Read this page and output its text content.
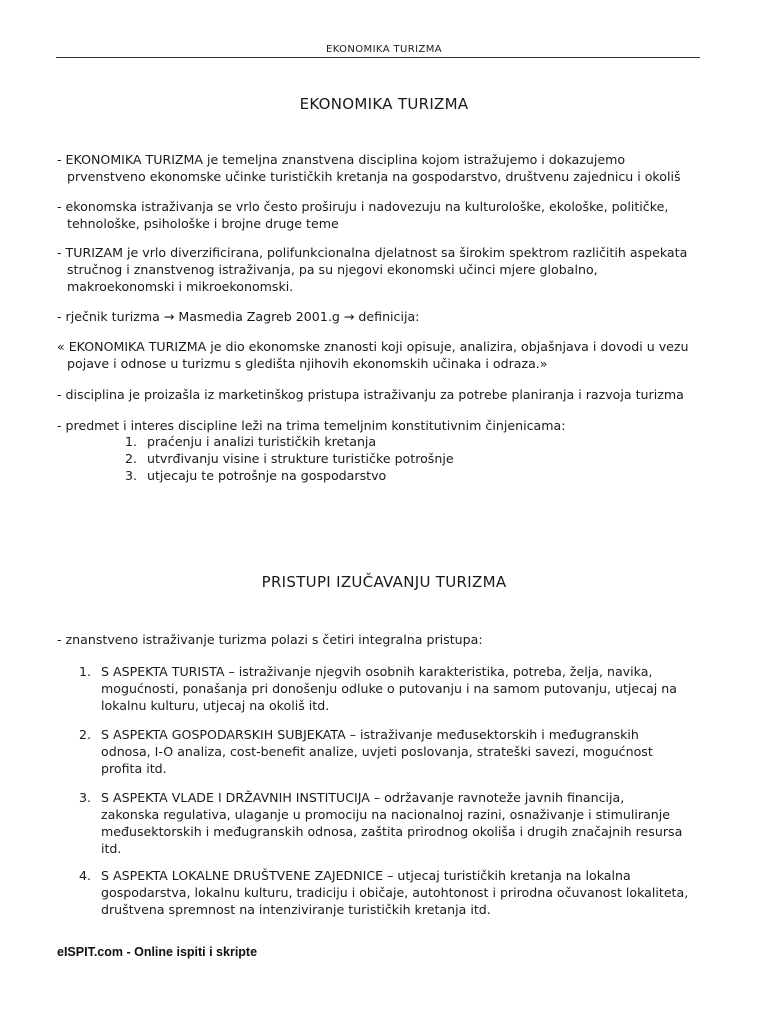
EKONOMIKA TURIZMA
EKONOMIKA TURIZMA
- EKONOMIKA TURIZMA je temeljna znanstvena disciplina kojom istražujemo i dokazujemo
prvenstveno ekonomske učinke turističkih kretanja na gospodarstvo, društvenu zajednicu i okoliš
- ekonomska istraživanja se vrlo često proširuju i nadovezuju na kulturološke, ekološke, političke,
tehnološke, psihološke i brojne druge teme
- TURIZAM je vrlo diverzificirana, polifunkcionalna djelatnost sa širokim spektrom različitih aspekata
stručnog i znanstvenog istraživanja, pa su njegovi ekonomski učinci mjere globalno,
makroekonomski i mikroekonomski.
- rječnik turizma → Masmedia Zagreb 2001.g → definicija:
« EKONOMIKA TURIZMA je dio ekonomske znanosti koji opisuje, analizira, objašnjava i dovodi u vezu
pojave i odnose u turizmu s gledišta njihovih ekonomskih učinaka i odraza.»
- disciplina je proizašla iz marketinškog pristupa istraživanju za potrebe planiranja i razvoja turizma
- predmet i interes discipline leži na trima temeljnim konstitutivnim činjenicama:
1. praćenju i analizi turističkih kretanja
2. utvrđivanju visine i strukture turističke potrošnje
3. utjecaju te potrošnje na gospodarstvo
PRISTUPI IZUČAVANJU TURIZMA
- znanstveno istraživanje turizma polazi s četiri integralna pristupa:
1. S ASPEKTA TURISTA – istraživanje njegvih osobnih karakteristika, potreba, želja, navika,
mogućnosti, ponašanja pri donošenju odluke o putovanju i na samom putovanju, utjecaj na
lokalnu kulturu, utjecaj na okoliš itd.
2. S ASPEKTA GOSPODARSKIH SUBJEKATA – istraživanje međusektorskih i međugranskih
odnosa, I-O analiza, cost-benefit analize, uvjeti poslovanja, strateški savezi, mogućnost
profita itd.
3. S ASPEKTA VLADE I DRŽAVNIH INSTITUCIJA – održavanje ravnoteže javnih financija,
zakonska regulativa, ulaganje u promociju na nacionalnoj razini, osnaživanje i stimuliranje
međusektorskih i međugranskih odnosa, zaštita prirodnog okoliša i drugih značajnih resursa
itd.
4. S ASPEKTA LOKALNE DRUŠTVENE ZAJEDNICE – utjecaj turističkih kretanja na lokalna
gospodarstva, lokalnu kulturu, tradiciju i običaje, autohtonost i prirodna očuvanost lokaliteta,
društvena spremnost na intenziviranje turističkih kretanja itd.
eISPIT.com - Online ispiti i skripte
